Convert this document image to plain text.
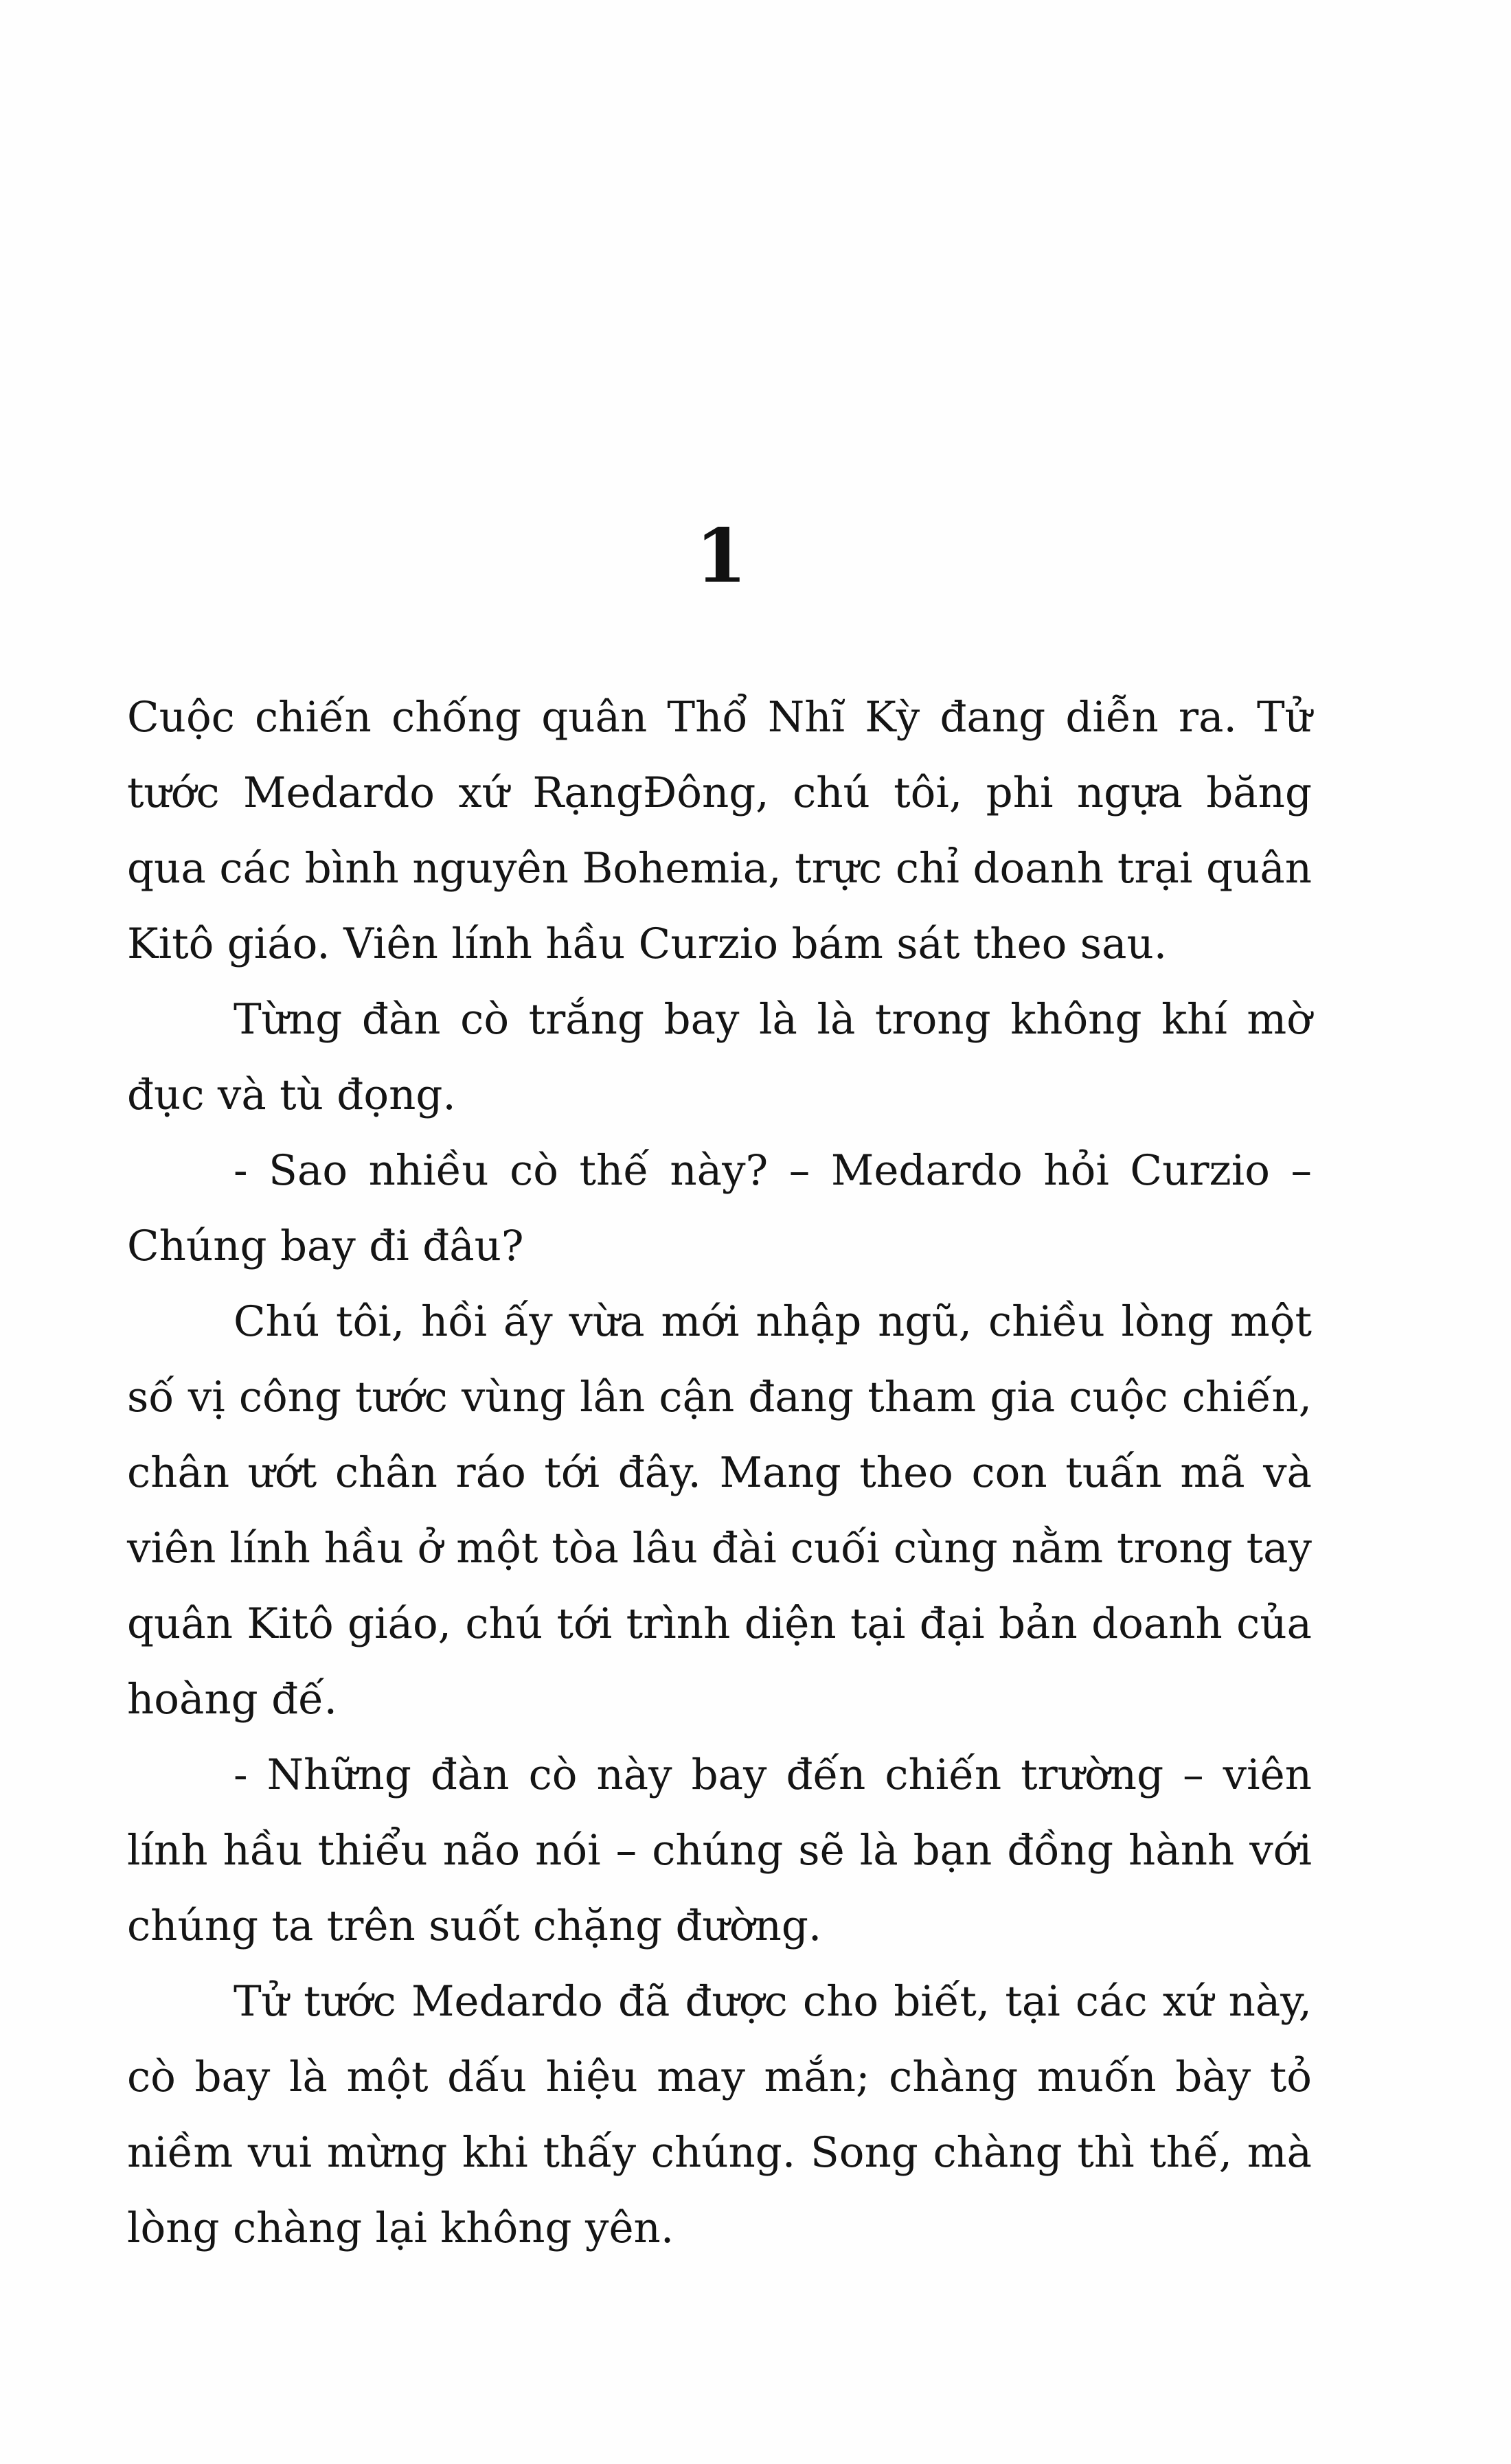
1

Cuộc chiến chống quân Thổ Nhĩ Kỳ đang diễn ra. Tử tước Medardo xứ RạngĐông, chú tôi, phi ngựa băng qua các bình nguyên Bohemia, trực chỉ doanh trại quân Kitô giáo. Viên lính hầu Curzio bám sát theo sau.

Từng đàn cò trắng bay là là trong không khí mờ đục và tù đọng.

- Sao nhiều cò thế này? – Medardo hỏi Curzio – Chúng bay đi đâu?

Chú tôi, hồi ấy vừa mới nhập ngũ, chiều lòng một số vị công tước vùng lân cận đang tham gia cuộc chiến, chân ướt chân ráo tới đây. Mang theo con tuấn mã và viên lính hầu ở một tòa lâu đài cuối cùng nằm trong tay quân Kitô giáo, chú tới trình diện tại đại bản doanh của hoàng đế.

- Những đàn cò này bay đến chiến trường – viên lính hầu thiểu não nói – chúng sẽ là bạn đồng hành với chúng ta trên suốt chặng đường.

Tử tước Medardo đã được cho biết, tại các xứ này, cò bay là một dấu hiệu may mắn; chàng muốn bày tỏ niềm vui mừng khi thấy chúng. Song chàng thì thế, mà lòng chàng lại không yên.
